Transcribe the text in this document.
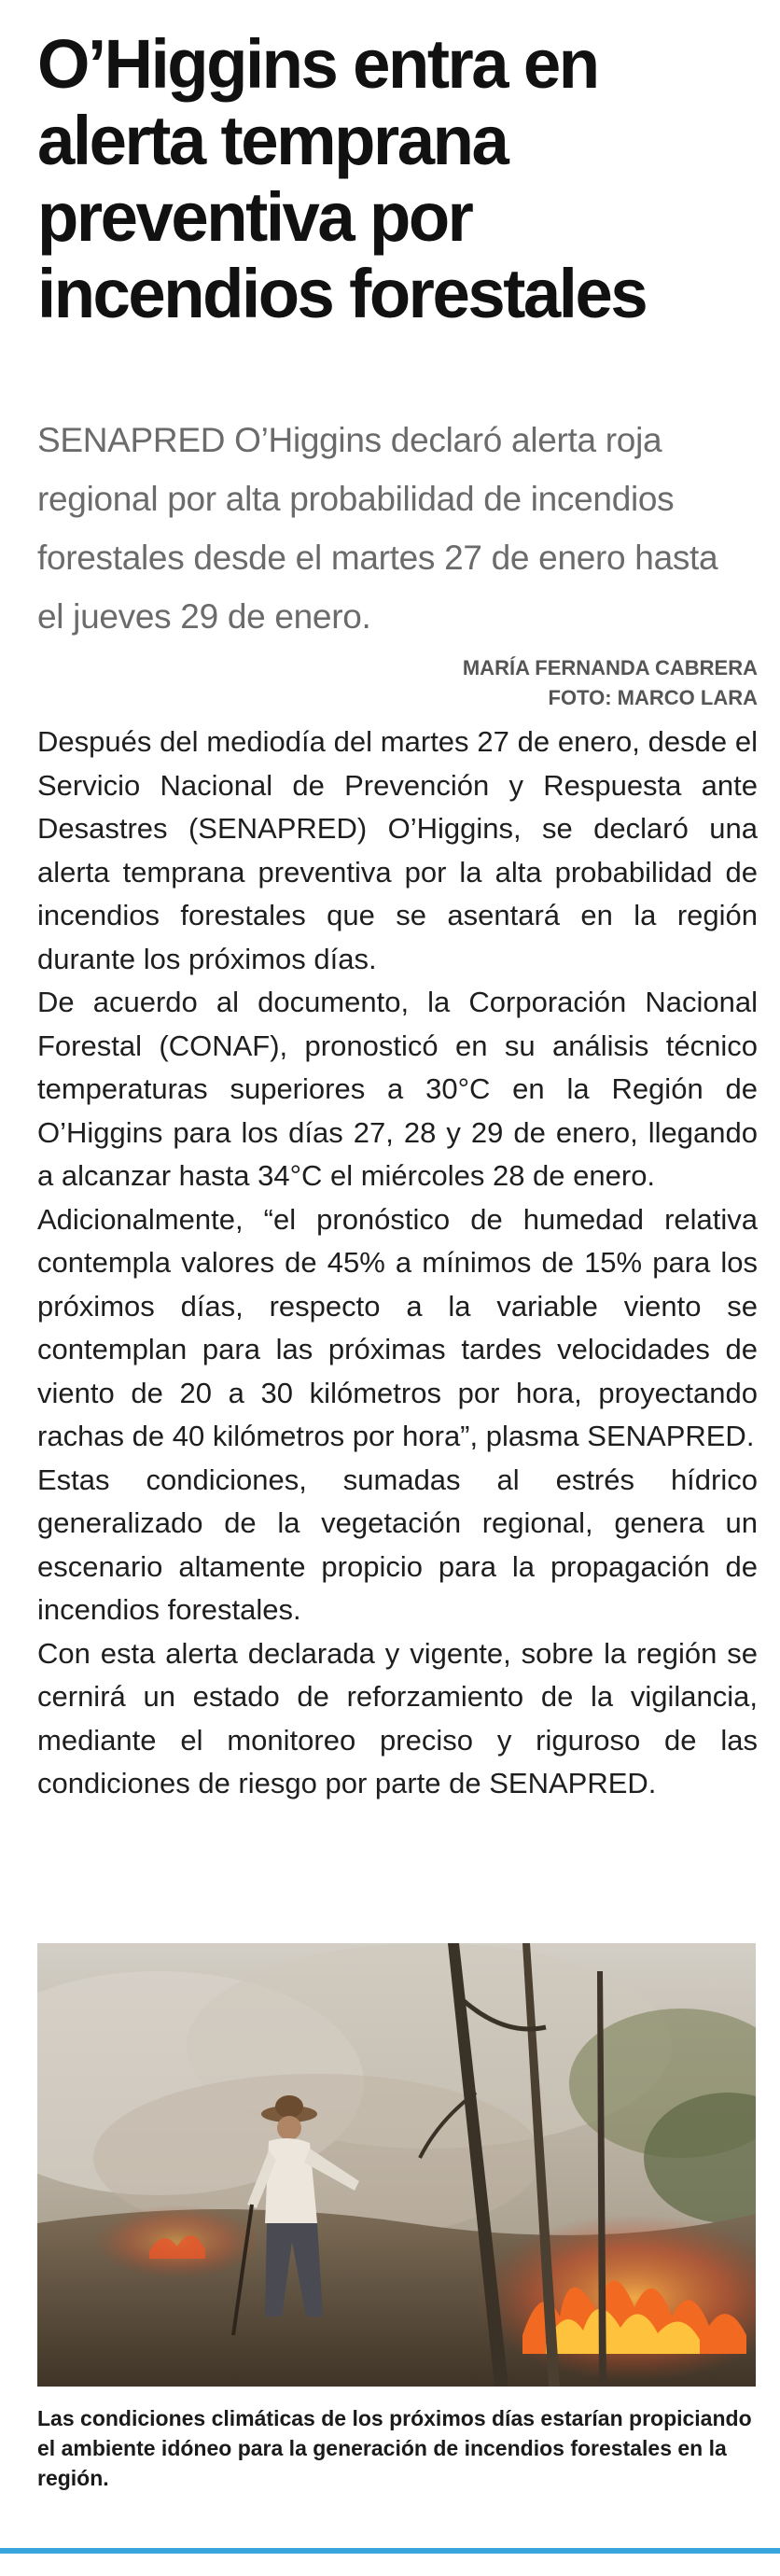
O’Higgins entra en alerta temprana preventiva por incendios forestales

SENAPRED O’Higgins declaró alerta roja regional por alta probabilidad de incendios forestales desde el martes 27 de enero hasta el jueves 29 de enero.

MARÍA FERNANDA CABRERA
FOTO: MARCO LARA

Después del mediodía del martes 27 de enero, desde el Servicio Nacional de Prevención y Respuesta ante Desastres (SENAPRED) O’Higgins, se declaró una alerta temprana preventiva por la alta probabilidad de incendios forestales que se asentará en la región durante los próximos días.

De acuerdo al documento, la Corporación Nacional Forestal (CONAF), pronosticó en su análisis técnico temperaturas superiores a 30°C en la Región de O’Higgins para los días 27, 28 y 29 de enero, llegando a alcanzar hasta 34°C el miércoles 28 de enero.

Adicionalmente, “el pronóstico de humedad relativa contempla valores de 45% a mínimos de 15% para los próximos días, respecto a la variable viento se contemplan para las próximas tardes velocidades de viento de 20 a 30 kilómetros por hora, proyectando rachas de 40 kilómetros por hora”, plasma SENAPRED.

Estas condiciones, sumadas al estrés hídrico generalizado de la vegetación regional, genera un escenario altamente propicio para la propagación de incendios forestales.

Con esta alerta declarada y vigente, sobre la región se cernirá un estado de reforzamiento de la vigilancia, mediante el monitoreo preciso y riguroso de las condiciones de riesgo por parte de SENAPRED.

Las condiciones climáticas de los próximos días estarían propiciando el ambiente idóneo para la generación de incendios forestales en la región.
